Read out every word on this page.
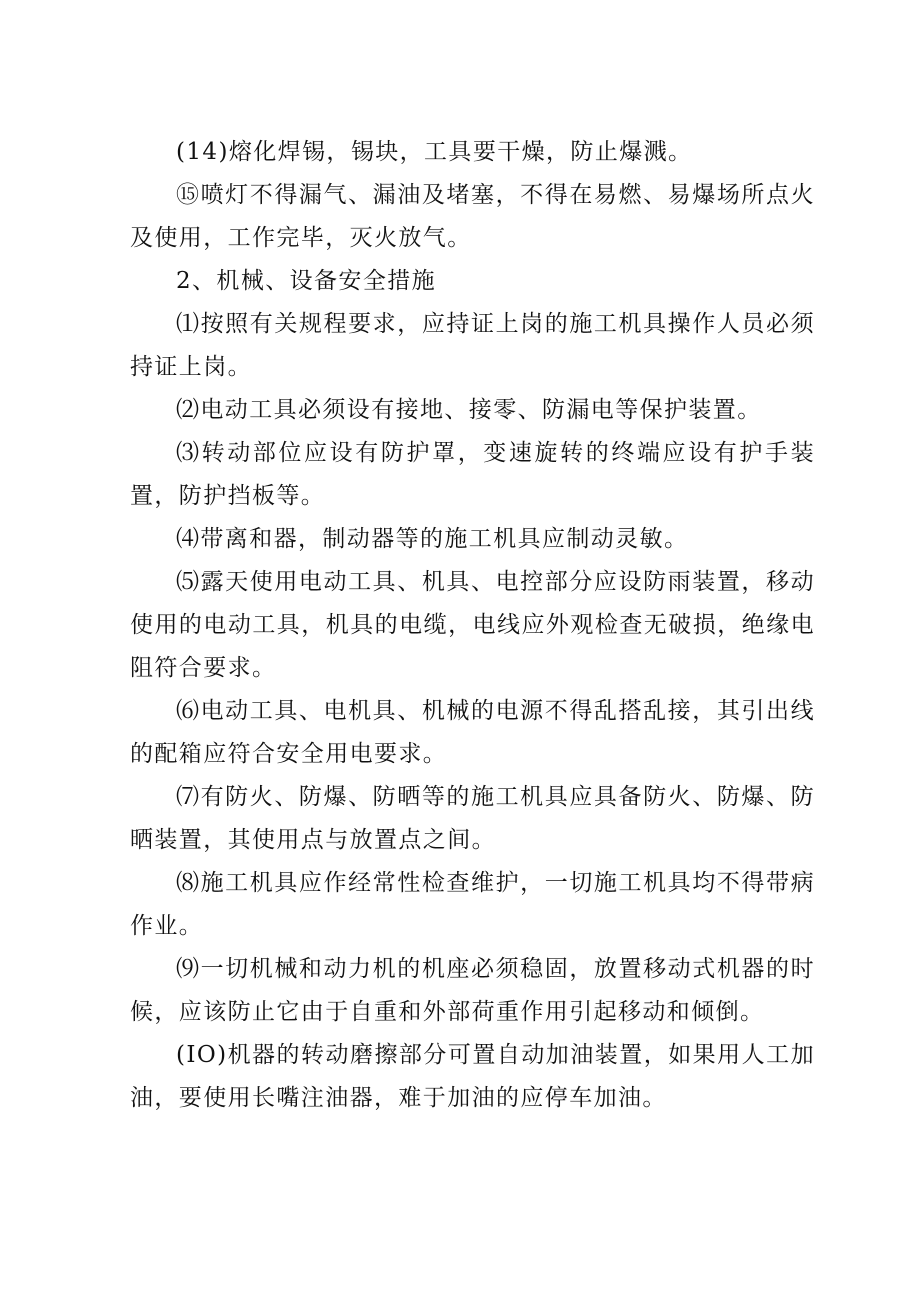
(14)熔化焊锡，锡块，工具要干燥，防止爆溅。

⑮喷灯不得漏气、漏油及堵塞，不得在易燃、易爆场所点火及使用，工作完毕，灭火放气。

2、机械、设备安全措施

⑴按照有关规程要求，应持证上岗的施工机具操作人员必须持证上岗。

⑵电动工具必须设有接地、接零、防漏电等保护装置。

⑶转动部位应设有防护罩，变速旋转的终端应设有护手装置，防护挡板等。

⑷带离和器，制动器等的施工机具应制动灵敏。

⑸露天使用电动工具、机具、电控部分应设防雨装置，移动使用的电动工具，机具的电缆，电线应外观检查无破损，绝缘电阻符合要求。

⑹电动工具、电机具、机械的电源不得乱搭乱接，其引出线的配箱应符合安全用电要求。

⑺有防火、防爆、防晒等的施工机具应具备防火、防爆、防晒装置，其使用点与放置点之间。

⑻施工机具应作经常性检查维护，一切施工机具均不得带病作业。

⑼一切机械和动力机的机座必须稳固，放置移动式机器的时候，应该防止它由于自重和外部荷重作用引起移动和倾倒。

(IO)机器的转动磨擦部分可置自动加油装置，如果用人工加油，要使用长嘴注油器，难于加油的应停车加油。
